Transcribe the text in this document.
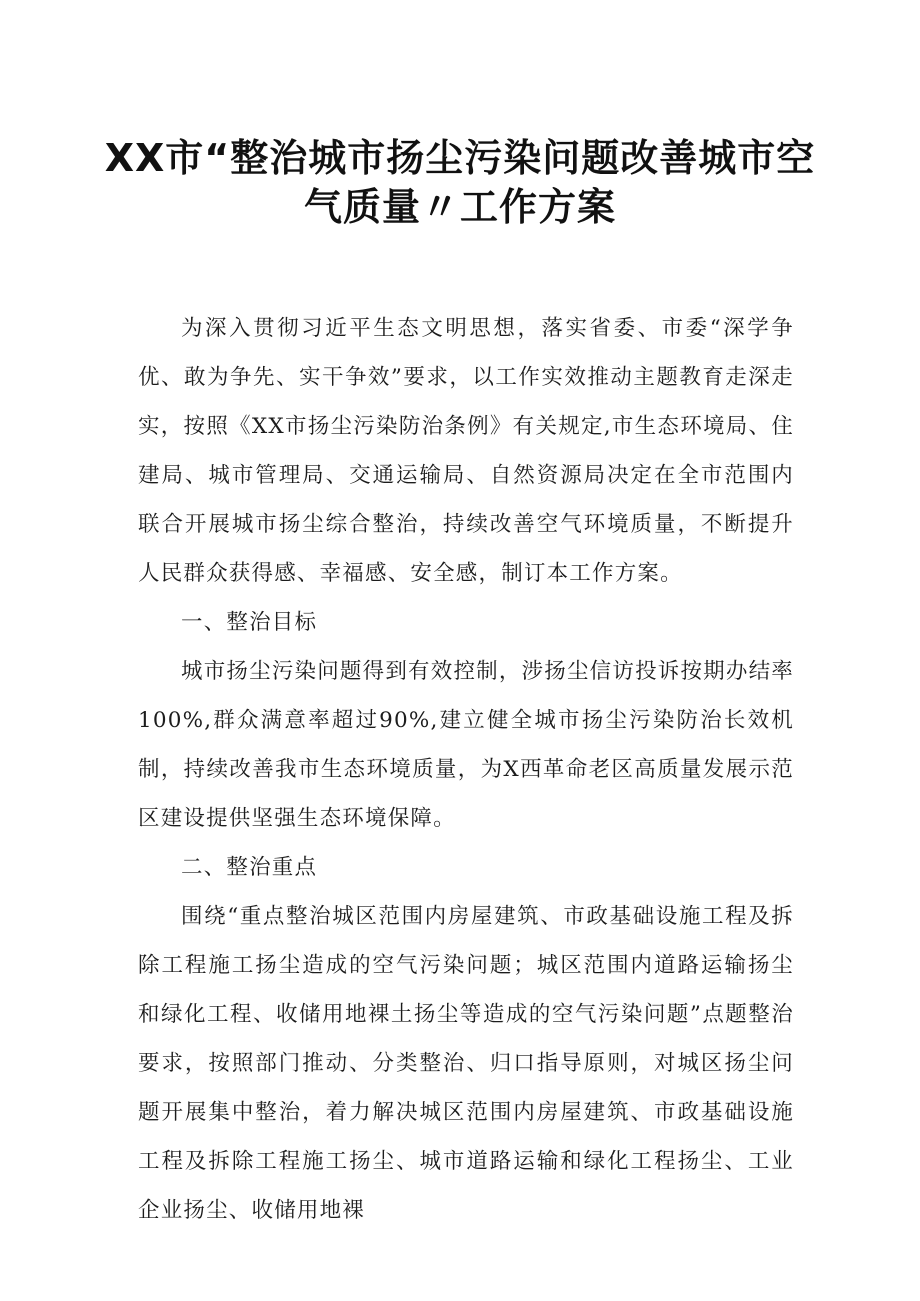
XX市“整治城市扬尘污染问题改善城市空
气质量〃工作方案

为深入贯彻习近平生态文明思想，落实省委、市委“深学争优、敢为争先、实干争效”要求，以工作实效推动主题教育走深走实，按照《XX市扬尘污染防治条例》有关规定,市生态环境局、住建局、城市管理局、交通运输局、自然资源局决定在全市范围内联合开展城市扬尘综合整治，持续改善空气环境质量，不断提升人民群众获得感、幸福感、安全感，制订本工作方案。

一、整治目标

城市扬尘污染问题得到有效控制，涉扬尘信访投诉按期办结率100%,群众满意率超过90%,建立健全城市扬尘污染防治长效机制，持续改善我市生态环境质量，为X西革命老区高质量发展示范区建设提供坚强生态环境保障。

二、整治重点

围绕“重点整治城区范围内房屋建筑、市政基础设施工程及拆除工程施工扬尘造成的空气污染问题；城区范围内道路运输扬尘和绿化工程、收储用地裸土扬尘等造成的空气污染问题”点题整治要求，按照部门推动、分类整治、归口指导原则，对城区扬尘问题开展集中整治，着力解决城区范围内房屋建筑、市政基础设施工程及拆除工程施工扬尘、城市道路运输和绿化工程扬尘、工业企业扬尘、收储用地裸
